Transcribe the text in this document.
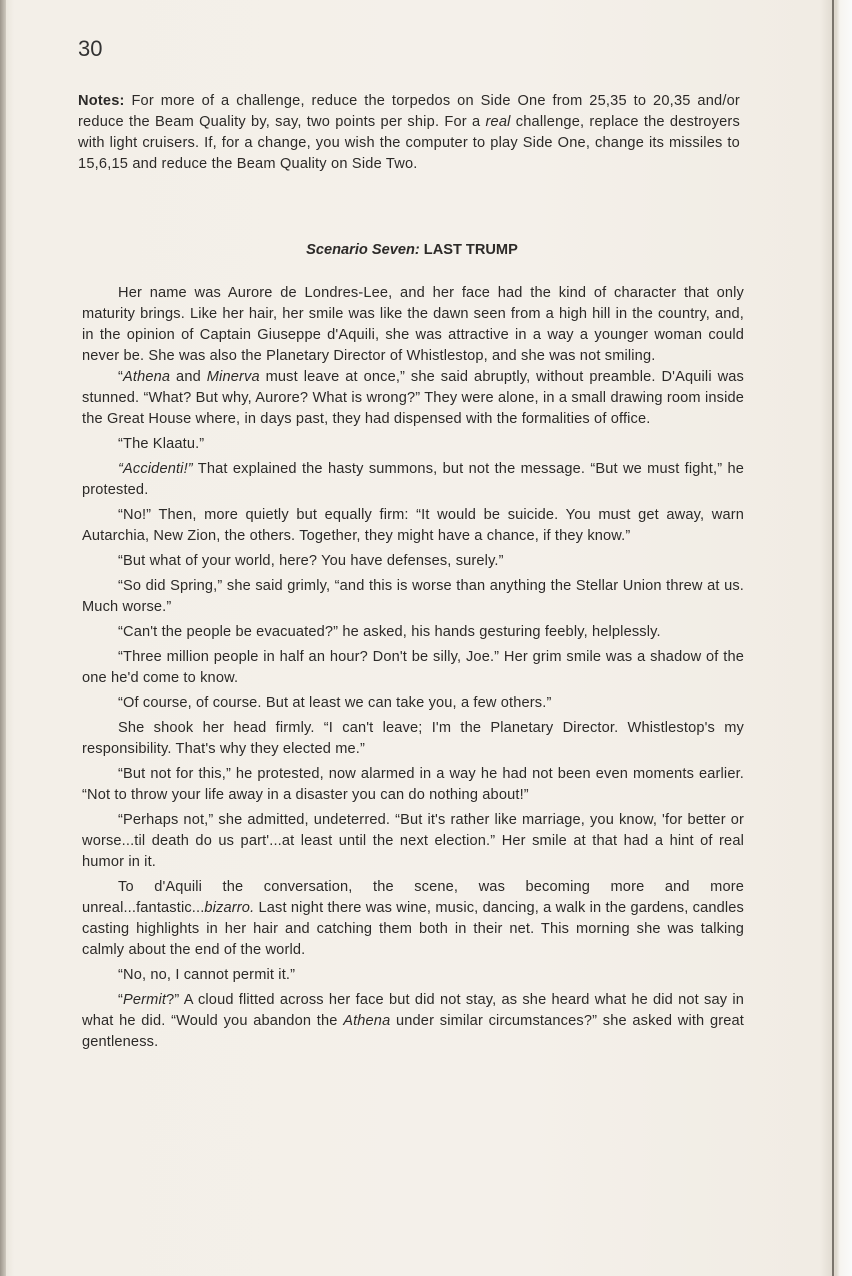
30
Notes: For more of a challenge, reduce the torpedos on Side One from 25,35 to 20,35 and/or reduce the Beam Quality by, say, two points per ship. For a real challenge, replace the destroyers with light cruisers. If, for a change, you wish the computer to play Side One, change its missiles to 15,6,15 and reduce the Beam Quality on Side Two.
Scenario Seven: LAST TRUMP

Her name was Aurore de Londres-Lee, and her face had the kind of character that only maturity brings. Like her hair, her smile was like the dawn seen from a high hill in the country, and, in the opinion of Captain Giuseppe d'Aquili, she was attractive in a way a younger woman could never be. She was also the Planetary Director of Whistlestop, and she was not smiling.

“Athena and Minerva must leave at once,” she said abruptly, without preamble. D'Aquili was stunned. “What? But why, Aurore? What is wrong?” They were alone, in a small drawing room inside the Great House where, in days past, they had dispensed with the formalities of office.

“The Klaatu.”

“Accidenti!” That explained the hasty summons, but not the message. “But we must fight,” he protested.

“No!” Then, more quietly but equally firm: “It would be suicide. You must get away, warn Autarchia, New Zion, the others. Together, they might have a chance, if they know.”

“But what of your world, here? You have defenses, surely.”

“So did Spring,” she said grimly, “and this is worse than anything the Stellar Union threw at us. Much worse.”

“Can't the people be evacuated?” he asked, his hands gesturing feebly, helplessly.

“Three million people in half an hour? Don't be silly, Joe.” Her grim smile was a shadow of the one he'd come to know.

“Of course, of course. But at least we can take you, a few others.”

She shook her head firmly. “I can't leave; I'm the Planetary Director. Whistlestop's my responsibility. That's why they elected me.”

“But not for this,” he protested, now alarmed in a way he had not been even moments earlier. “Not to throw your life away in a disaster you can do nothing about!”

“Perhaps not,” she admitted, undeterred. “But it's rather like marriage, you know, 'for better or worse...til death do us part'...at least until the next election.” Her smile at that had a hint of real humor in it.

To d'Aquili the conversation, the scene, was becoming more and more unreal...fantastic...bizarro. Last night there was wine, music, dancing, a walk in the gardens, candles casting highlights in her hair and catching them both in their net. This morning she was talking calmly about the end of the world.

“No, no, I cannot permit it.”

“Permit?” A cloud flitted across her face but did not stay, as she heard what he did not say in what he did. “Would you abandon the Athena under similar circumstances?” she asked with great gentleness.
